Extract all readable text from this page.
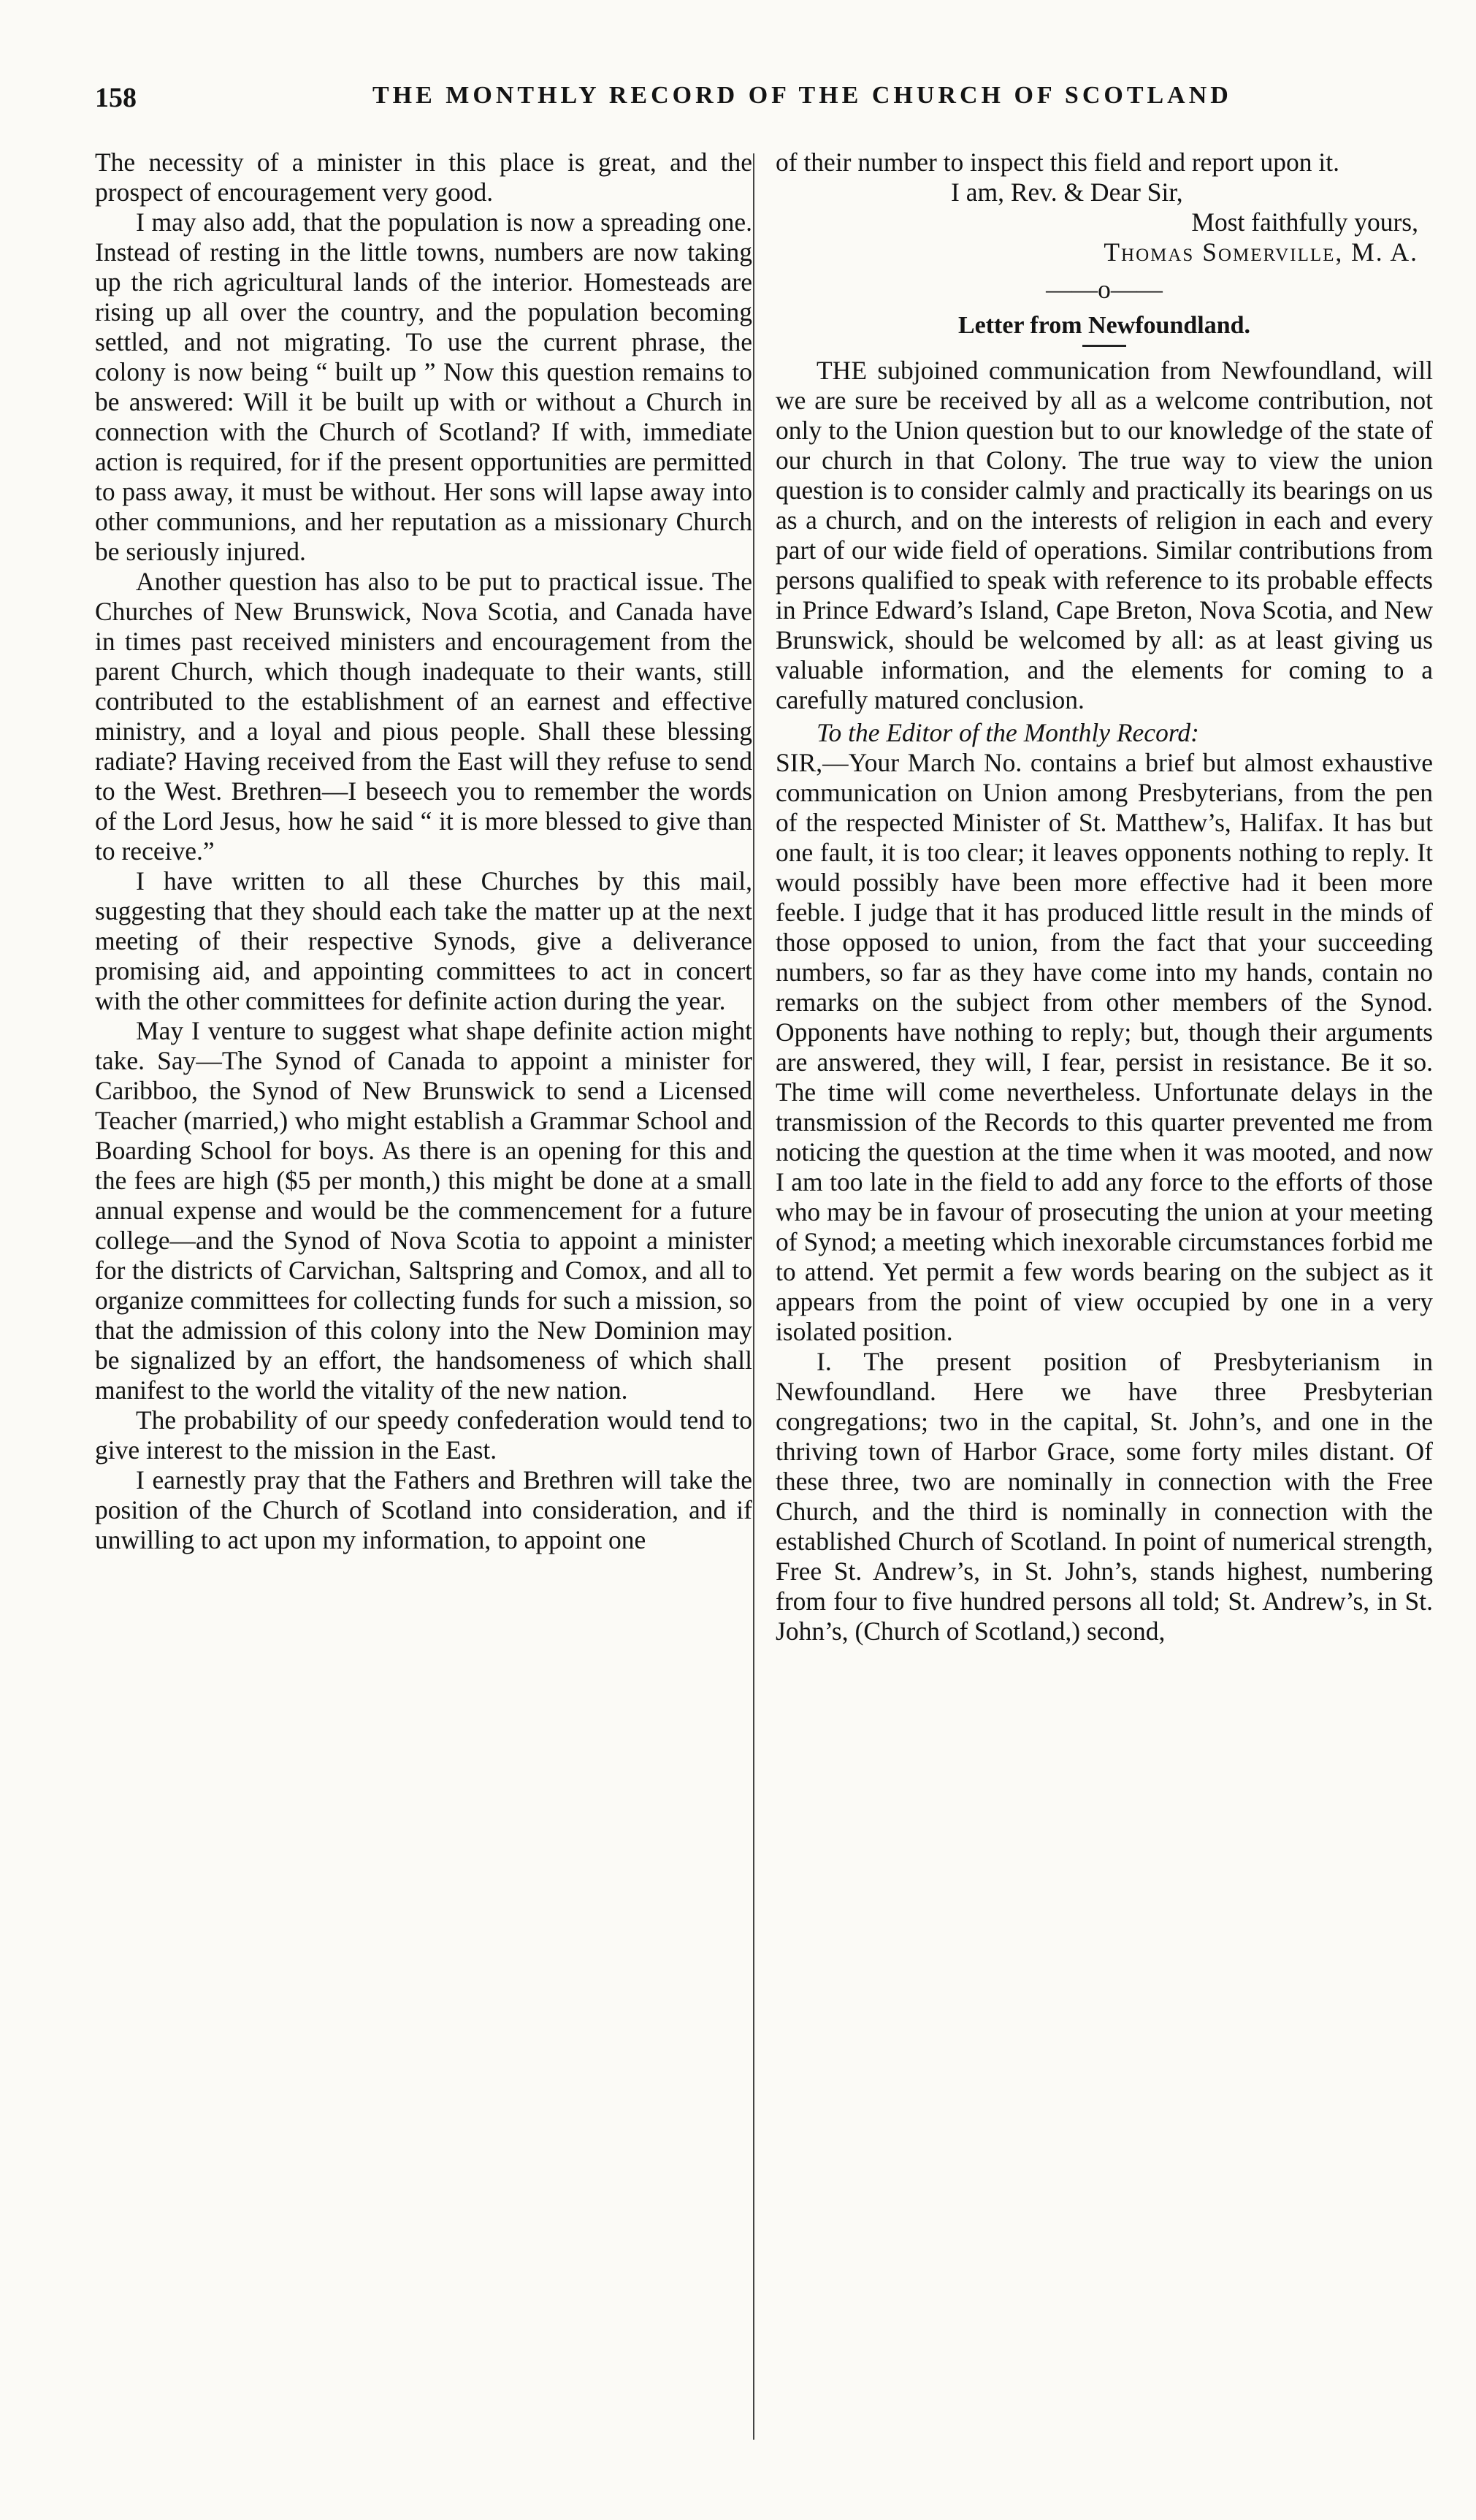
158	THE MONTHLY RECORD OF THE CHURCH OF SCOTLAND

The necessity of a minister in this place is great, and the prospect of encouragement very good.

I may also add, that the population is now a spreading one. Instead of resting in the little towns, numbers are now taking up the rich agricultural lands of the interior. Homesteads are rising up all over the country, and the population becoming settled, and not migrating. To use the current phrase, the colony is now being “ built up ” Now this question remains to be answered: Will it be built up with or without a Church in connection with the Church of Scotland? If with, immediate action is required, for if the present opportunities are permitted to pass away, it must be without. Her sons will lapse away into other communions, and her reputation as a missionary Church be seriously injured.

Another question has also to be put to practical issue. The Churches of New Brunswick, Nova Scotia, and Canada have in times past received ministers and encouragement from the parent Church, which though inadequate to their wants, still contributed to the establishment of an earnest and effective ministry, and a loyal and pious people. Shall these blessing radiate? Having received from the East will they refuse to send to the West. Brethren—I beseech you to remember the words of the Lord Jesus, how he said “ it is more blessed to give than to receive.”

I have written to all these Churches by this mail, suggesting that they should each take the matter up at the next meeting of their respective Synods, give a deliverance promising aid, and appointing committees to act in concert with the other committees for definite action during the year.

May I venture to suggest what shape definite action might take. Say—The Synod of Canada to appoint a minister for Caribboo, the Synod of New Brunswick to send a Licensed Teacher (married,) who might establish a Grammar School and Boarding School for boys. As there is an opening for this and the fees are high ($5 per month,) this might be done at a small annual expense and would be the commencement for a future college—and the Synod of Nova Scotia to appoint a minister for the districts of Carvichan, Saltspring and Comox, and all to organize committees for collecting funds for such a mission, so that the admission of this colony into the New Dominion may be signalized by an effort, the handsomeness of which shall manifest to the world the vitality of the new nation.

The probability of our speedy confederation would tend to give interest to the mission in the East.

I earnestly pray that the Fathers and Brethren will take the position of the Church of Scotland into consideration, and if unwilling to act upon my information, to appoint one

of their number to inspect this field and report upon it.

I am, Rev. & Dear Sir,

Most faithfully yours,

Thomas Somerville, M. A.

——o——
Letter from Newfoundland.

THE subjoined communication from Newfoundland, will we are sure be received by all as a welcome contribution, not only to the Union question but to our knowledge of the state of our church in that Colony. The true way to view the union question is to consider calmly and practically its bearings on us as a church, and on the interests of religion in each and every part of our wide field of operations. Similar contributions from persons qualified to speak with reference to its probable effects in Prince Edward’s Island, Cape Breton, Nova Scotia, and New Brunswick, should be welcomed by all: as at least giving us valuable information, and the elements for coming to a carefully matured conclusion.

To the Editor of the Monthly Record:

SIR,—Your March No. contains a brief but almost exhaustive communication on Union among Presbyterians, from the pen of the respected Minister of St. Matthew’s, Halifax. It has but one fault, it is too clear; it leaves opponents nothing to reply. It would possibly have been more effective had it been more feeble. I judge that it has produced little result in the minds of those opposed to union, from the fact that your succeeding numbers, so far as they have come into my hands, contain no remarks on the subject from other members of the Synod. Opponents have nothing to reply; but, though their arguments are answered, they will, I fear, persist in resistance. Be it so. The time will come nevertheless. Unfortunate delays in the transmission of the Records to this quarter prevented me from noticing the question at the time when it was mooted, and now I am too late in the field to add any force to the efforts of those who may be in favour of prosecuting the union at your meeting of Synod; a meeting which inexorable circumstances forbid me to attend. Yet permit a few words bearing on the subject as it appears from the point of view occupied by one in a very isolated position.

I. The present position of Presbyterianism in Newfoundland. Here we have three Presbyterian congregations; two in the capital, St. John’s, and one in the thriving town of Harbor Grace, some forty miles distant. Of these three, two are nominally in connection with the Free Church, and the third is nominally in connection with the established Church of Scotland. In point of numerical strength, Free St. Andrew’s, in St. John’s, stands highest, numbering from four to five hundred persons all told; St. Andrew’s, in St. John’s, (Church of Scotland,) second,
